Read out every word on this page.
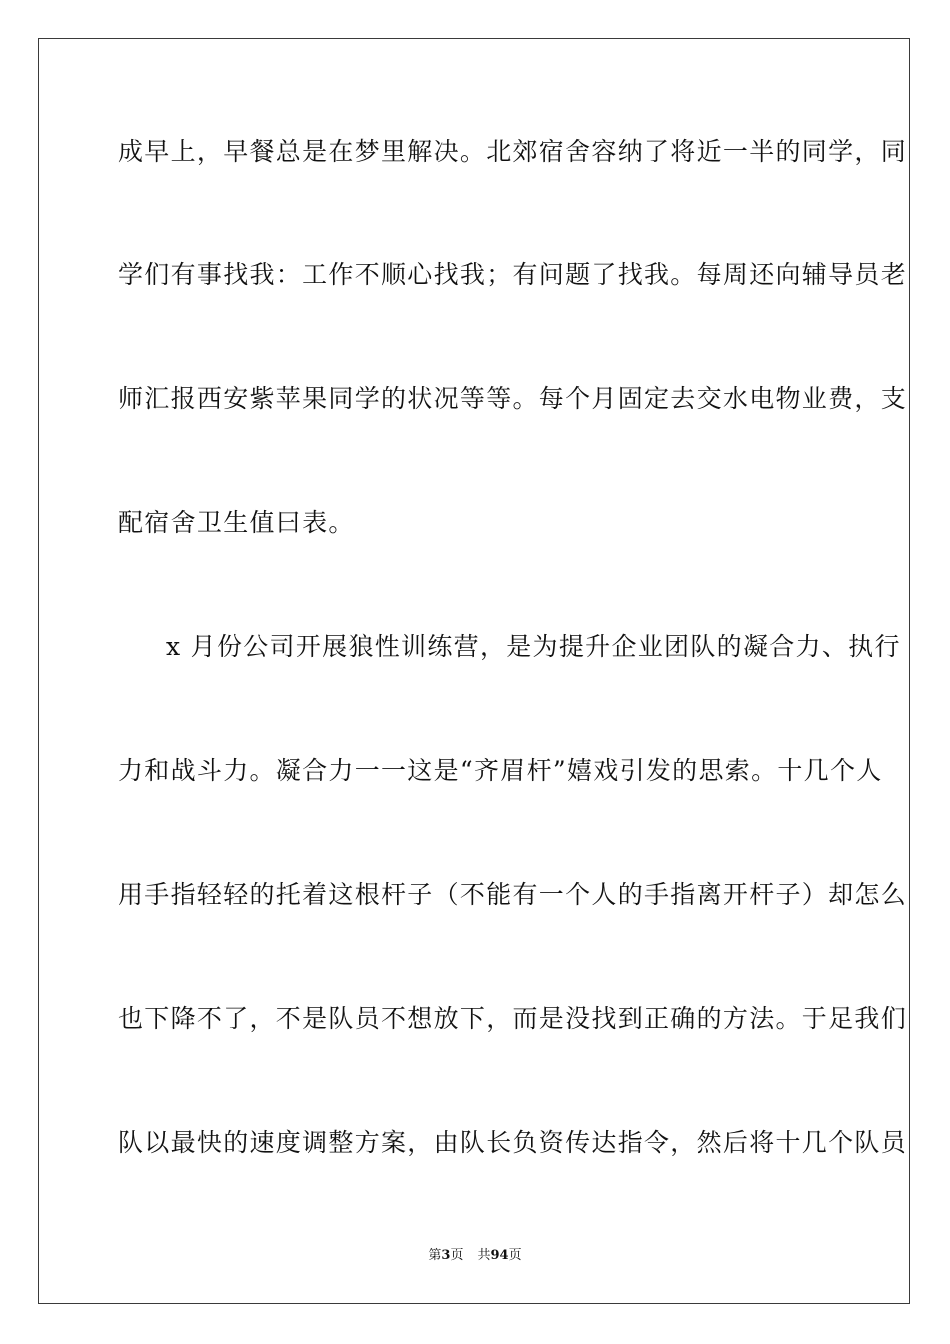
成早上，早餐总是在梦里解决。北郊宿舍容纳了将近一半的同学，同
学们有事找我：工作不顺心找我；有问题了找我。每周还向辅导员老
师汇报西安紫苹果同学的状况等等。每个月固定去交水电物业费，支
配宿舍卫生值曰表。
x 月份公司开展狼性训练营，是为提升企业团队的凝合力、执行
力和战斗力。凝合力一一这是“齐眉杆”嬉戏引发的思索。十几个人
用手指轻轻的托着这根杆子（不能有一个人的手指离开杆子）却怎么
也下降不了，不是队员不想放下，而是没找到正确的方法。于足我们
队以最快的速度调整方案，由队长负资传达指令，然后将十几个队员
第3页 共94页
